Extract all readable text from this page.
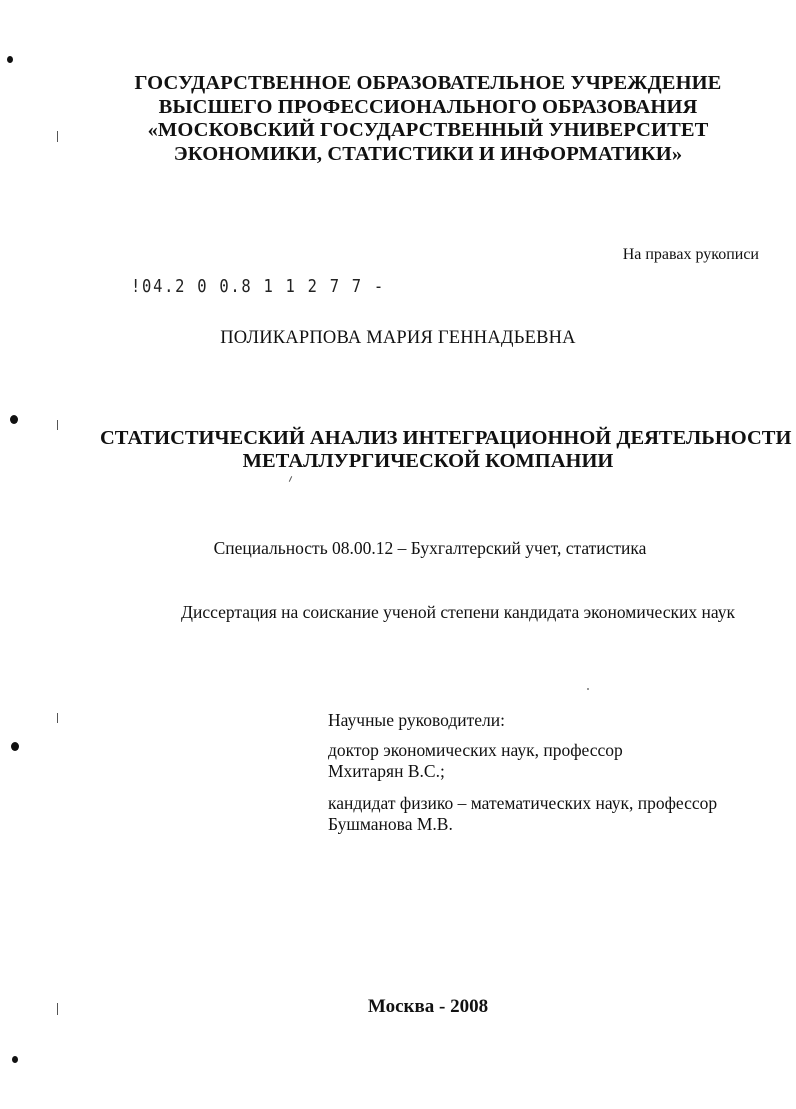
ГОСУДАРСТВЕННОЕ ОБРАЗОВАТЕЛЬНОЕ УЧРЕЖДЕНИЕ
ВЫСШЕГО ПРОФЕССИОНАЛЬНОГО ОБРАЗОВАНИЯ
«МОСКОВСКИЙ ГОСУДАРСТВЕННЫЙ УНИВЕРСИТЕТ
ЭКОНОМИКИ, СТАТИСТИКИ И ИНФОРМАТИКИ»
На правах рукописи
!04.2 0 0.8 1 1 2 7 7 -
ПОЛИКАРПОВА МАРИЯ ГЕННАДЬЕВНА
СТАТИСТИЧЕСКИЙ АНАЛИЗ ИНТЕГРАЦИОННОЙ ДЕЯТЕЛЬНОСТИ
МЕТАЛЛУРГИЧЕСКОЙ КОМПАНИИ
Специальность 08.00.12 – Бухгалтерский учет, статистика
Диссертация на соискание ученой степени кандидата экономических наук
Научные руководители:
доктор экономических наук, профессор
Мхитарян В.С.;
кандидат физико – математических наук, профессор
Бушманова М.В.
Москва - 2008
